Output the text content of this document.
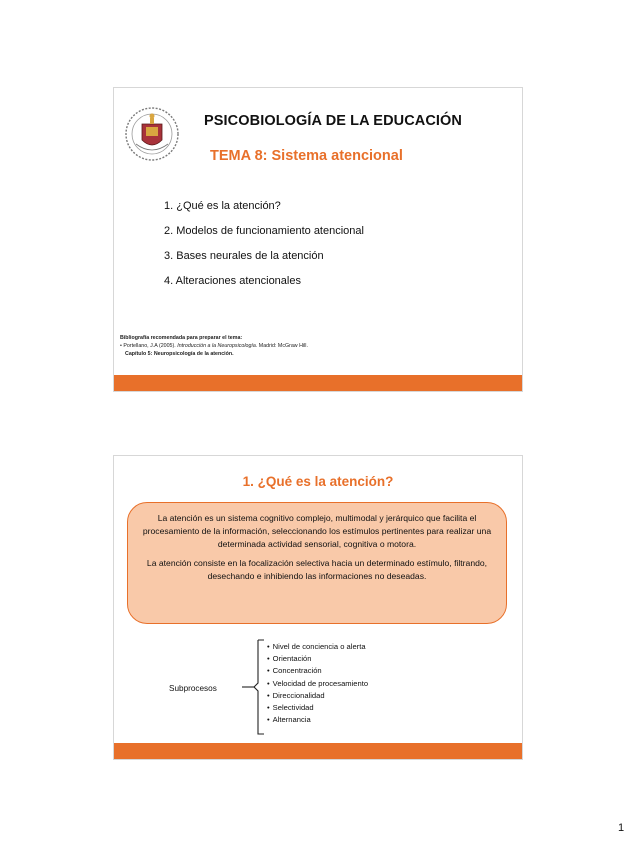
PSICOBIOLOGÍA DE LA EDUCACIÓN
TEMA 8: Sistema atencional
1. ¿Qué es la atención?
2. Modelos de funcionamiento atencional
3. Bases neurales de la atención
4. Alteraciones atencionales
Bibliografía recomendada para preparar el tema:
• Portellano, J.A (2005). Introducción a la Neuropsicología. Madrid: McGraw Hill.
Capítulo 5: Neuropsicología de la atención.
1. ¿Qué es la atención?

La atención es un sistema cognitivo complejo, multimodal y jerárquico que facilita el procesamiento de la información, seleccionando los estímulos pertinentes para realizar una determinada actividad sensorial, cognitiva o motora.

La atención consiste en la focalización selectiva hacia un determinado estímulo, filtrando, desechando e inhibiendo las informaciones no deseadas.

Subprocesos
• Nivel de conciencia o alerta
• Orientación
• Concentración
• Velocidad de procesamiento
• Direccionalidad
• Selectividad
• Alternancia
1
